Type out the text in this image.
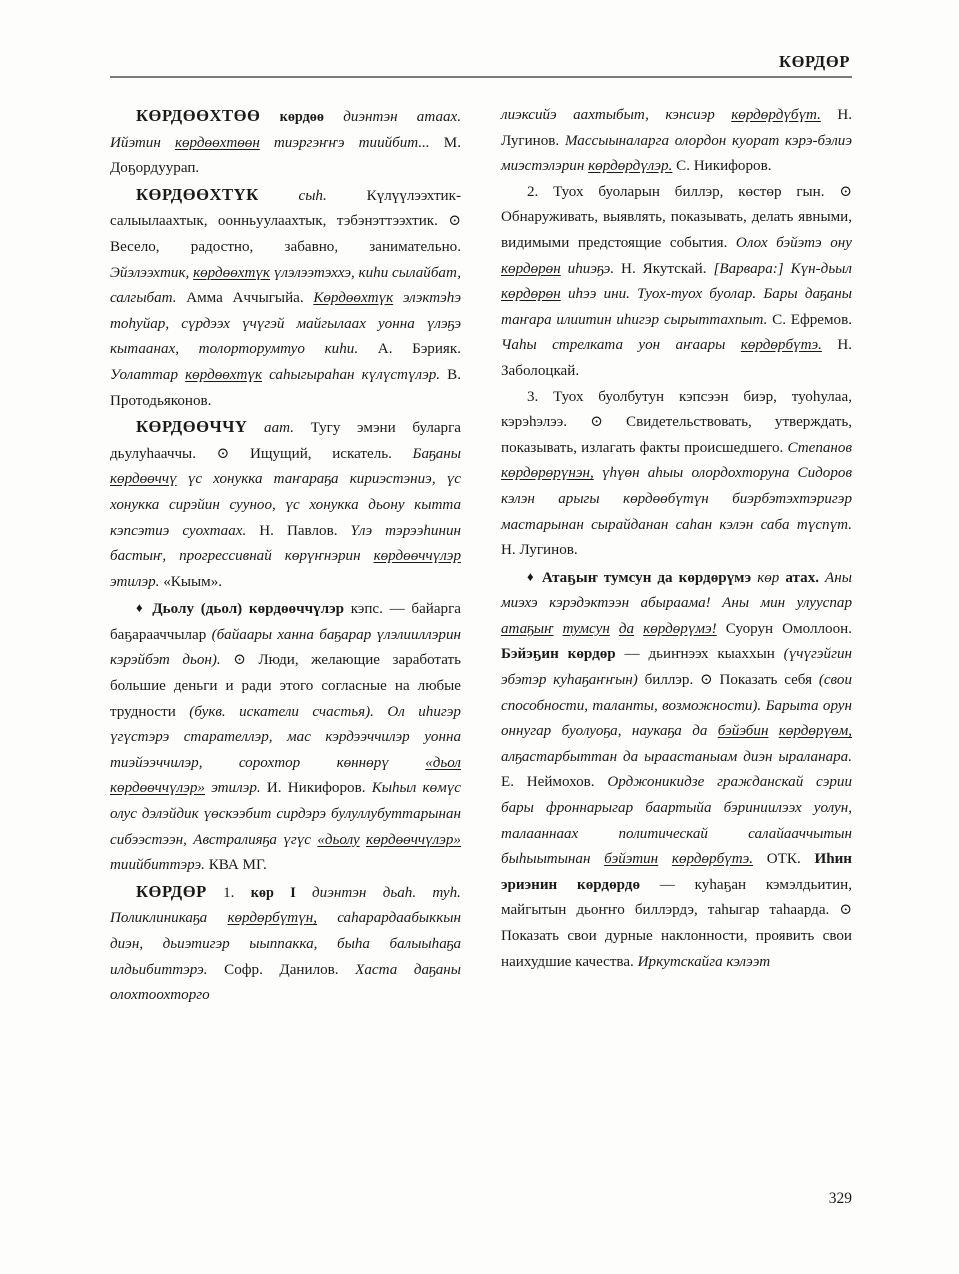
КӨРДӨР

КӨРДӨӨХТӨӨ көрдөө диэнтэн атаах. Ийэтин көрдөөхтөөн тиэргэҥҥэ тиийбит... М. Доҕордуурап.

КӨРДӨӨХТҮК	сыһ.	Күлүүлээхтик-салыылаахтык, оонньуулаахтык, тэбэнэттээхтик. ⊙ Весело, радостно, забавно, занимательно. Эйэлээхтик, көрдөөхтүк үлэлээтэххэ, киһи сылайбат, салгыбат. Амма Аччыгыйа. Көрдөөхтүк элэктэһэ тоһуйар, сүрдээх үчүгэй майгылаах уонна үлэҕэ кытаанах, толорторумтуо киһи. А. Бэрияк. Уолаттар көрдөөхтүк саһыгыраһан күлүстүлэр. В. Протодьяконов.

КӨРДӨӨЧЧҮ аат. Тугу эмэни буларга дьулуһааччы. ⊙ Ищущий, искатель. Баҕаны көрдөөччү үс хонукка таҥараҕа кириэстэниэ, үс хонукка сирэйин сууноо, үс хонукка дьону кытта кэпсэтиэ суохтаах. Н. Павлов. Үлэ тэрээһинин бастыҥ, прогрессивнай көрүҥнэрин көрдөөччүлэр этилэр. «Кыым».

♦ Дьолу (дьол) көрдөөччүлэр кэпс. — байарга баҕарааччылар (байаары ханна баҕарар үлэлииллэрин кэрэйбэт дьон). ⊙ Люди, желающие заработать большие деньги и ради этого согласные на любые трудности (букв. искатели счастья). Ол иһигэр үгүстэрэ старателлэр, мас кэрдээччилэр уонна тиэйээччилэр, сорохтор көннөрү «дьол көрдөөччүлэр» этилэр. И. Никифоров. Кыһыл көмүс олус дэлэйдик үөскээбит сирдэрэ булуллубуттарынан сибээстээн, Австралияҕа үгүс «дьолу көрдөөччүлэр» тиийбиттэрэ. КВА МГ.

КӨРДӨР 1. көр I диэнтэн дьаһ. туһ. Поликлиникаҕа көрдөрбүтүн, саһарардаабыккын диэн, дьиэтигэр ыыппакка, быһа балыыһаҕа илдьибиттэрэ. Софр. Данилов. Хаста даҕаны олохтоохторго

лиэксийэ аахтыбыт, кэнсиэр көрдөрдүбүт. Н. Лугинов. Массыыналарга олордон куорат кэрэ-бэлиэ миэстэлэрин көрдөрдүлэр. С. Никифоров.

2. Туох буоларын биллэр, көстөр гын. ⊙ Обнаруживать, выявлять, показывать, делать явными, видимыми предстоящие события. Олох бэйэтэ ону көрдөрөн иһиэҕэ. Н. Якутскай. [Варвара:] Күн-дьыл көрдөрөн иһээ ини. Туох-туох буолар. Бары даҕаны таҥара илиитин иһигэр сырыттахпыт. С. Ефремов. Чаһы стрелката уон аҥаары көрдөрбүтэ. Н. Заболоцкай.

3. Туох буолбутун кэпсээн биэр, туоһулаа, кэрэһэлээ. ⊙ Свидетельствовать, утверждать, показывать, излагать факты происшедшего. Степанов көрдөрөрүнэн, үһүөн аһыы олордохторуна Сидоров кэлэн арыгы көрдөөбүтүн биэрбэтэхтэригэр мастарынан сырайданан саһан кэлэн саба түспүт. Н. Лугинов.

♦ Атаҕыҥ тумсун да көрдөрүмэ көр атах. Аны миэхэ кэрэдэктээн абыраама! Аны мин улууспар атаҕыҥ тумсун да көрдөрүмэ! Суорун Омоллоон. Бэйэҕин көрдөр — дьиҥнээх кыаххын (үчүгэйгин эбэтэр куһаҕаҥҥын) биллэр. ⊙ Показать себя (свои способности, таланты, возможности). Барыта орун оннугар буолуоҕа, наукаҕа да бэйэбин көрдөрүөм, алҕастарбыттан да ыраастаныам диэн ыраланара. Е. Неймохов. Орджоникидзе гражданскай сэрии бары фроннарыгар баартыйа бэриниилээх уолун, талааннаах политическай салайааччытын быһыытынан бэйэтин көрдөрбүтэ. ОТК. Иһин эриэнин көрдөрдө — куһаҕан кэмэлдьитин, майгытын дьоҥҥо биллэрдэ, таһыгар таһаарда. ⊙ Показать свои дурные наклонности, проявить свои наихудшие качества. Иркутскайга кэлээт

329
